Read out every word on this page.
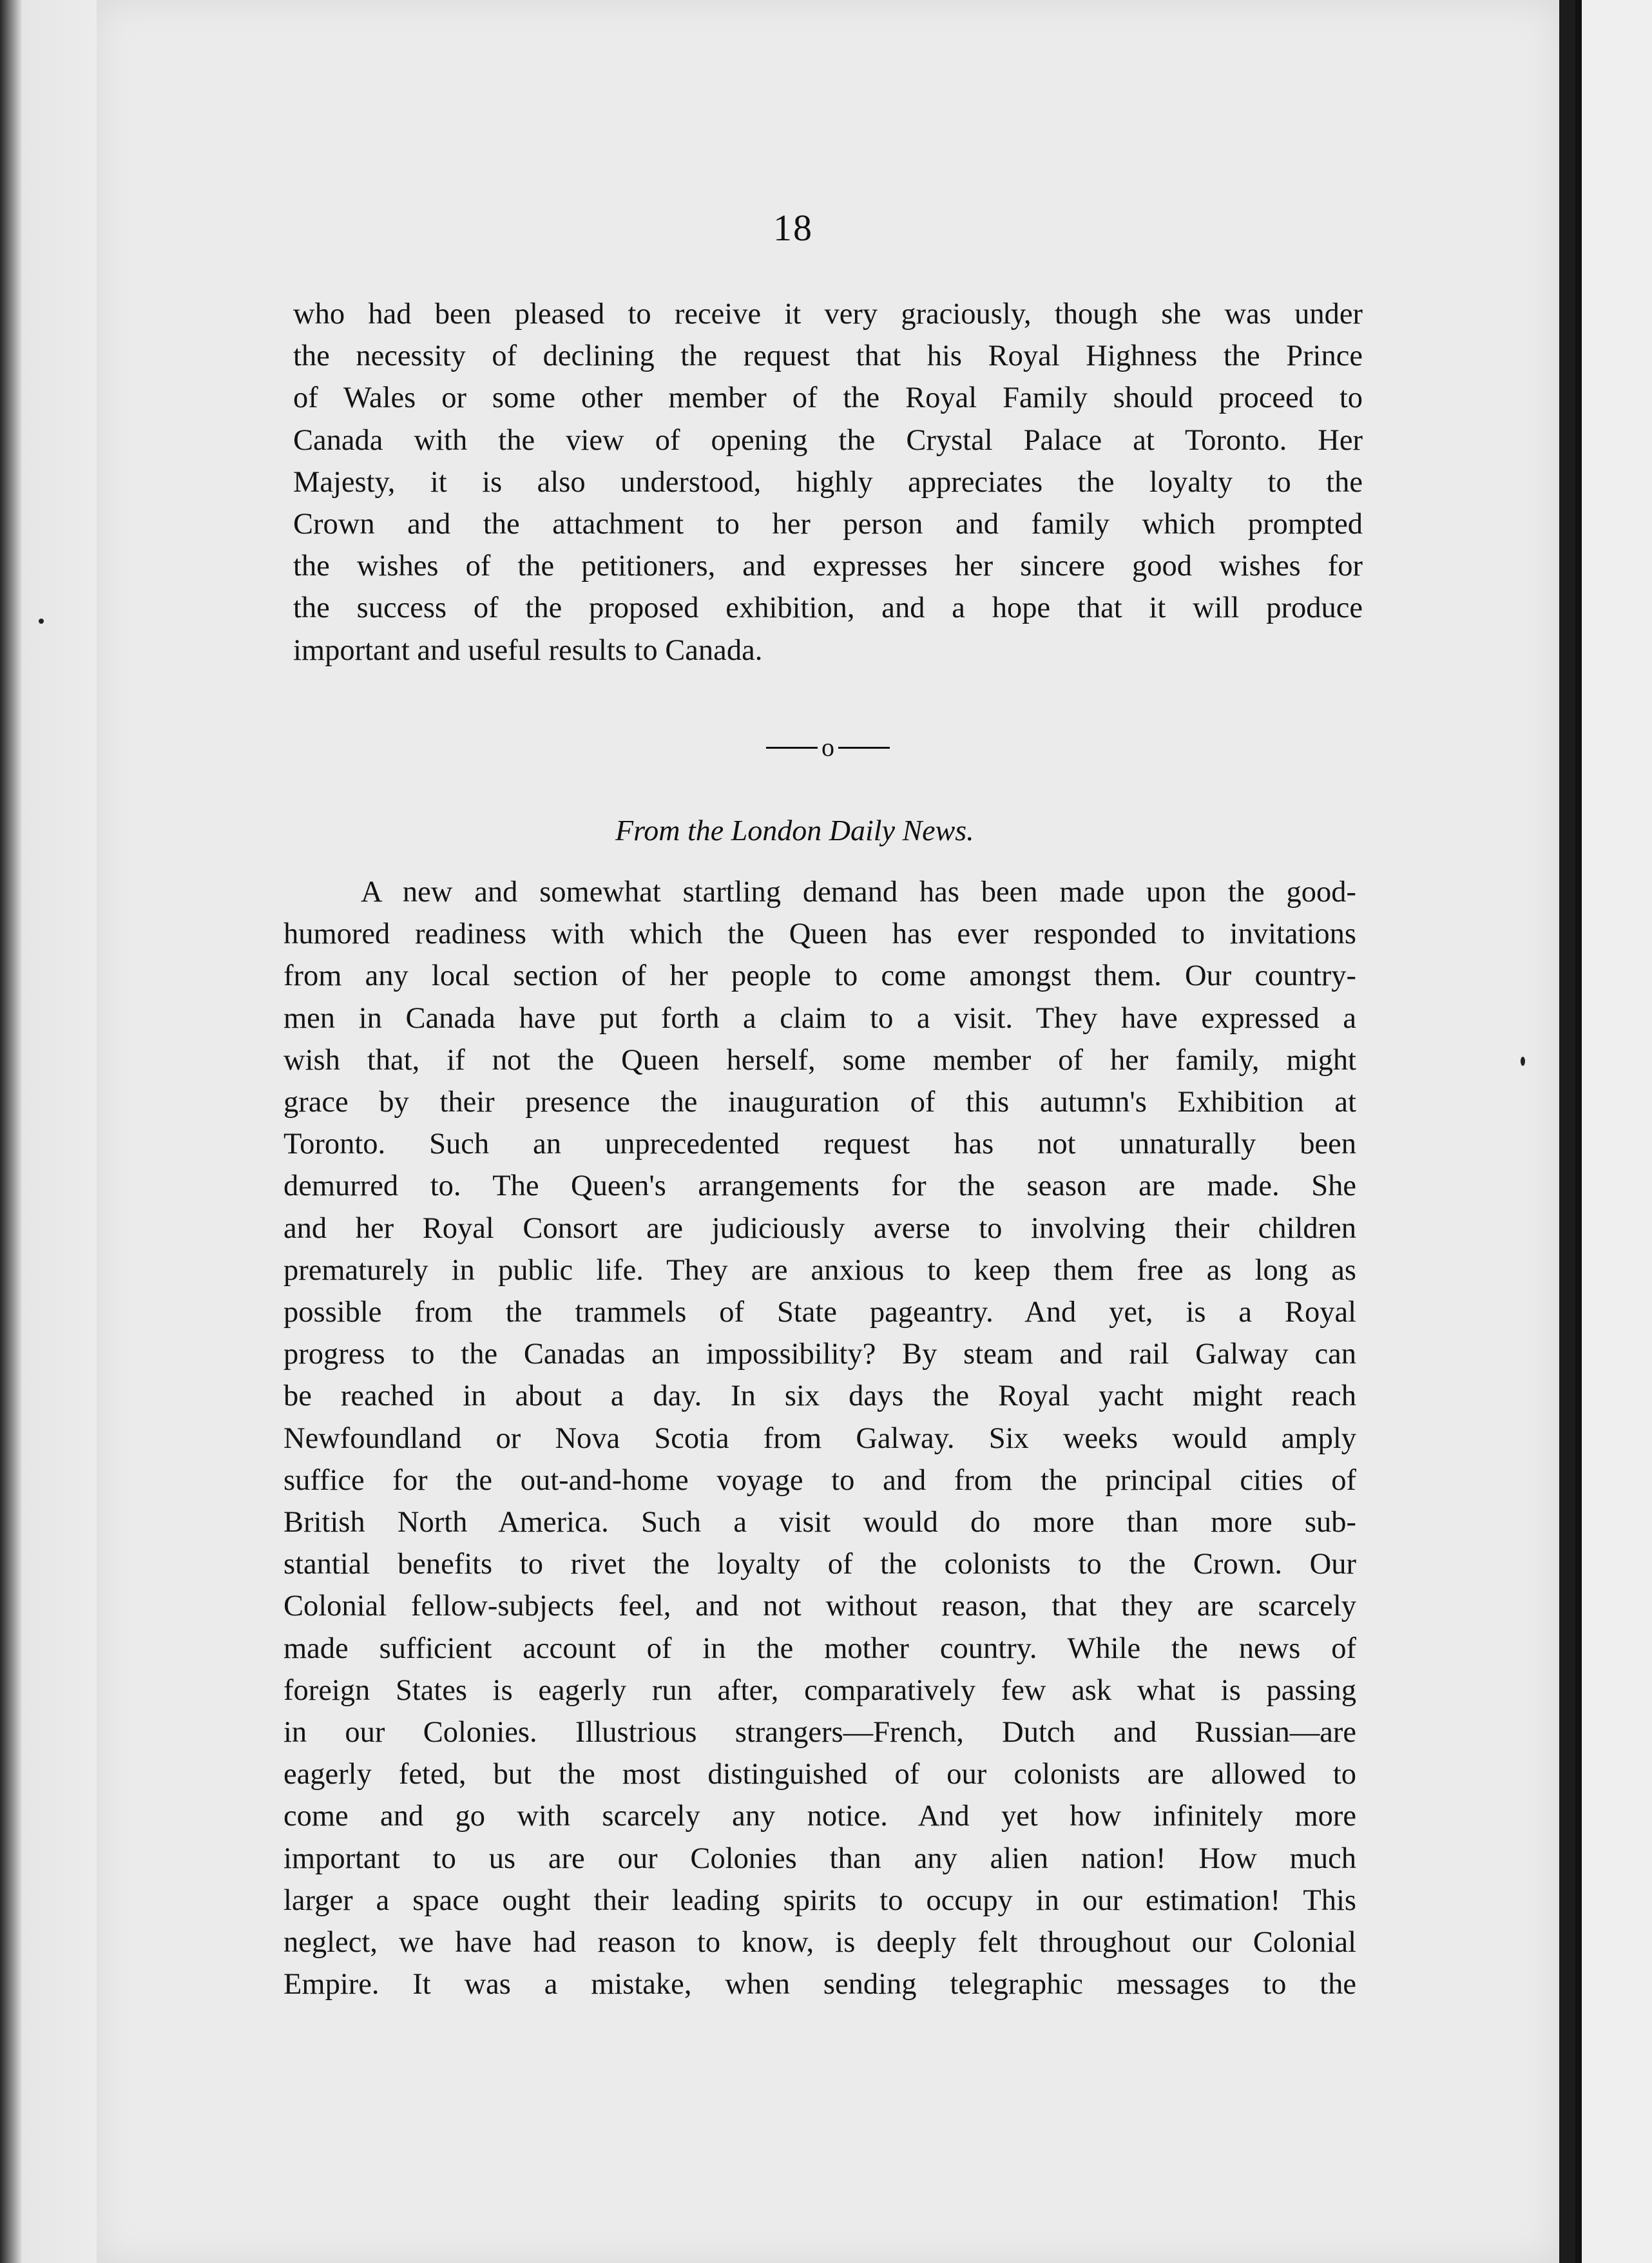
18
who had been pleased to receive it very graciously, though she was under
the necessity of declining the request that his Royal Highness the Prince
of Wales or some other member of the Royal Family should proceed to
Canada with the view of opening the Crystal Palace at Toronto. Her
Majesty, it is also understood, highly appreciates the loyalty to the
Crown and the attachment to her person and family which prompted
the wishes of the petitioners, and expresses her sincere good wishes for
the success of the proposed exhibition, and a hope that it will produce
important and useful results to Canada.
o
From the London Daily News.
A new and somewhat startling demand has been made upon the good-
humored readiness with which the Queen has ever responded to invitations
from any local section of her people to come amongst them. Our country-
men in Canada have put forth a claim to a visit. They have expressed a
wish that, if not the Queen herself, some member of her family, might
grace by their presence the inauguration of this autumn's Exhibition at
Toronto. Such an unprecedented request has not unnaturally been
demurred to. The Queen's arrangements for the season are made. She
and her Royal Consort are judiciously averse to involving their children
prematurely in public life. They are anxious to keep them free as long as
possible from the trammels of State pageantry. And yet, is a Royal
progress to the Canadas an impossibility? By steam and rail Galway can
be reached in about a day. In six days the Royal yacht might reach
Newfoundland or Nova Scotia from Galway. Six weeks would amply
suffice for the out-and-home voyage to and from the principal cities of
British North America. Such a visit would do more than more sub-
stantial benefits to rivet the loyalty of the colonists to the Crown. Our
Colonial fellow-subjects feel, and not without reason, that they are scarcely
made sufficient account of in the mother country. While the news of
foreign States is eagerly run after, comparatively few ask what is passing
in our Colonies. Illustrious strangers—French, Dutch and Russian—are
eagerly feted, but the most distinguished of our colonists are allowed to
come and go with scarcely any notice. And yet how infinitely more
important to us are our Colonies than any alien nation! How much
larger a space ought their leading spirits to occupy in our estimation! This
neglect, we have had reason to know, is deeply felt throughout our Colonial
Empire. It was a mistake, when sending telegraphic messages to the
